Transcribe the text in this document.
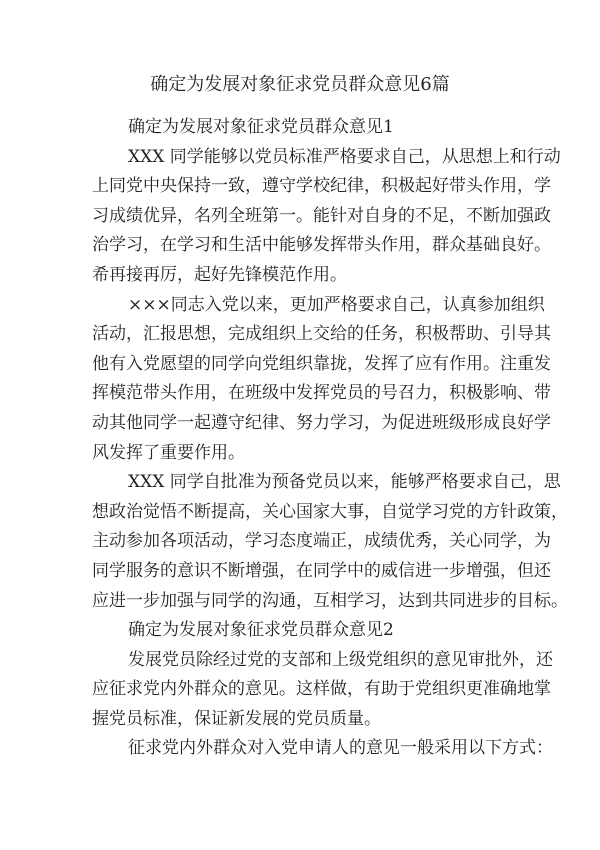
确定为发展对象征求党员群众意见6篇
确定为发展对象征求党员群众意见1
XXX 同学能够以党员标准严格要求自己，从思想上和行动
上同党中央保持一致，遵守学校纪律，积极起好带头作用，学
习成绩优异，名列全班第一。能针对自身的不足，不断加强政
治学习，在学习和生活中能够发挥带头作用，群众基础良好。
希再接再厉，起好先锋模范作用。
×××同志入党以来，更加严格要求自己，认真参加组织
活动，汇报思想，完成组织上交给的任务，积极帮助、引导其
他有入党愿望的同学向党组织靠拢，发挥了应有作用。注重发
挥模范带头作用，在班级中发挥党员的号召力，积极影响、带
动其他同学一起遵守纪律、努力学习，为促进班级形成良好学
风发挥了重要作用。
XXX 同学自批准为预备党员以来，能够严格要求自己，思
想政治觉悟不断提高，关心国家大事，自觉学习党的方针政策，
主动参加各项活动，学习态度端正，成绩优秀，关心同学，为
同学服务的意识不断增强，在同学中的威信进一步增强，但还
应进一步加强与同学的沟通，互相学习，达到共同进步的目标。
确定为发展对象征求党员群众意见2
发展党员除经过党的支部和上级党组织的意见审批外，还
应征求党内外群众的意见。这样做，有助于党组织更准确地掌
握党员标准，保证新发展的党员质量。
征求党内外群众对入党申请人的意见一般采用以下方式：
